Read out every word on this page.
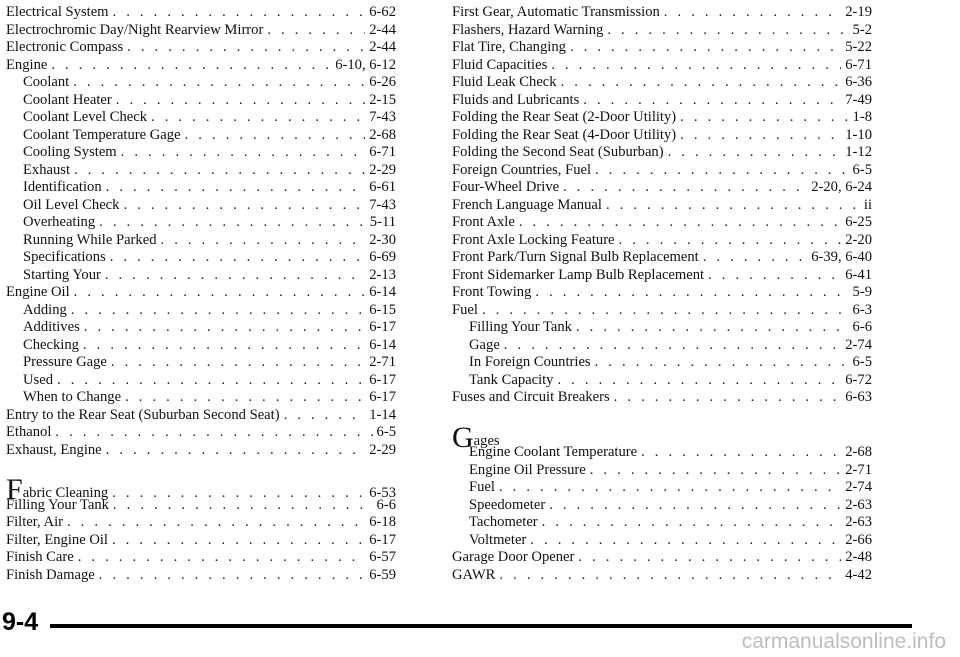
Electrical System . . .	6-62
Electrochromic Day/Night Rearview Mirror . . .	2-44
Electronic Compass . . .	2-44
Engine . . .	6-10, 6-12
Coolant . . .	6-26
Coolant Heater . . .	2-15
Coolant Level Check . . .	7-43
Coolant Temperature Gage . . .	2-68
Cooling System . . .	6-71
Exhaust . . .	2-29
Identification . . .	6-61
Oil Level Check . . .	7-43
Overheating . . .	5-11
Running While Parked . . .	2-30
Specifications . . .	6-69
Starting Your . . .	2-13
Engine Oil . . .	6-14
Adding . . .	6-15
Additives . . .	6-17
Checking . . .	6-14
Pressure Gage . . .	2-71
Used . . .	6-17
When to Change . . .	6-17
Entry to the Rear Seat (Suburban Second Seat) . . .	1-14
Ethanol . . .	6-5
Exhaust, Engine . . .	2-29
Fabric Cleaning . . .	6-53
Filling Your Tank . . .	6-6
Filter, Air . . .	6-18
Filter, Engine Oil . . .	6-17
Finish Care . . .	6-57
Finish Damage . . .	6-59
First Gear, Automatic Transmission . . .	2-19
Flashers, Hazard Warning . . .	5-2
Flat Tire, Changing . . .	5-22
Fluid Capacities . . .	6-71
Fluid Leak Check . . .	6-36
Fluids and Lubricants . . .	7-49
Folding the Rear Seat (2-Door Utility) . . .	1-8
Folding the Rear Seat (4-Door Utility) . . .	1-10
Folding the Second Seat (Suburban) . . .	1-12
Foreign Countries, Fuel . . .	6-5
Four-Wheel Drive . . .	2-20, 6-24
French Language Manual . . .	ii
Front Axle . . .	6-25
Front Axle Locking Feature . . .	2-20
Front Park/Turn Signal Bulb Replacement . . .	6-39, 6-40
Front Sidemarker Lamp Bulb Replacement . . .	6-41
Front Towing . . .	5-9
Fuel . . .	6-3
Filling Your Tank . . .	6-6
Gage . . .	2-74
In Foreign Countries . . .	6-5
Tank Capacity . . .	6-72
Fuses and Circuit Breakers . . .	6-63
Gages
Engine Coolant Temperature . . .	2-68
Engine Oil Pressure . . .	2-71
Fuel . . .	2-74
Speedometer . . .	2-63
Tachometer . . .	2-63
Voltmeter . . .	2-66
Garage Door Opener . . .	2-48
GAWR . . .	4-42
9-4
carmanualsonline.info
